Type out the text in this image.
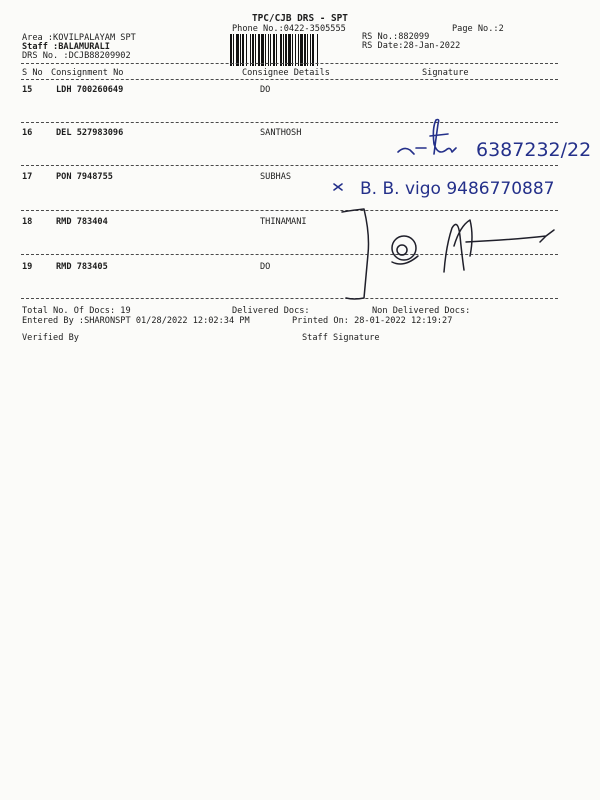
TPC/CJB DRS - SPT
Phone No.:0422-3505555	Page No.:2
Area :KOVILPALAYAM SPT
Staff :BALAMURALI
DRS No. :DCJB88209902
RS No.:882099
RS Date:28-Jan-2022
S No Consignment No	Consignee Details	Signature
15	LDH 700260649	DO
16	DEL 527983096	SANTHOSH
17	PON 7948755	SUBHAS
18	RMD 783404	THINAMANI
19	RMD 783405	DO
Total No. Of Docs: 19	Delivered Docs:	Non Delivered Docs:
Entered By :SHARONSPT 01/28/2022 12:02:34 PM	Printed On: 28-01-2022 12:19:27
Verified By	Staff Signature
6387232/22
B. B. vigo 9486770887
